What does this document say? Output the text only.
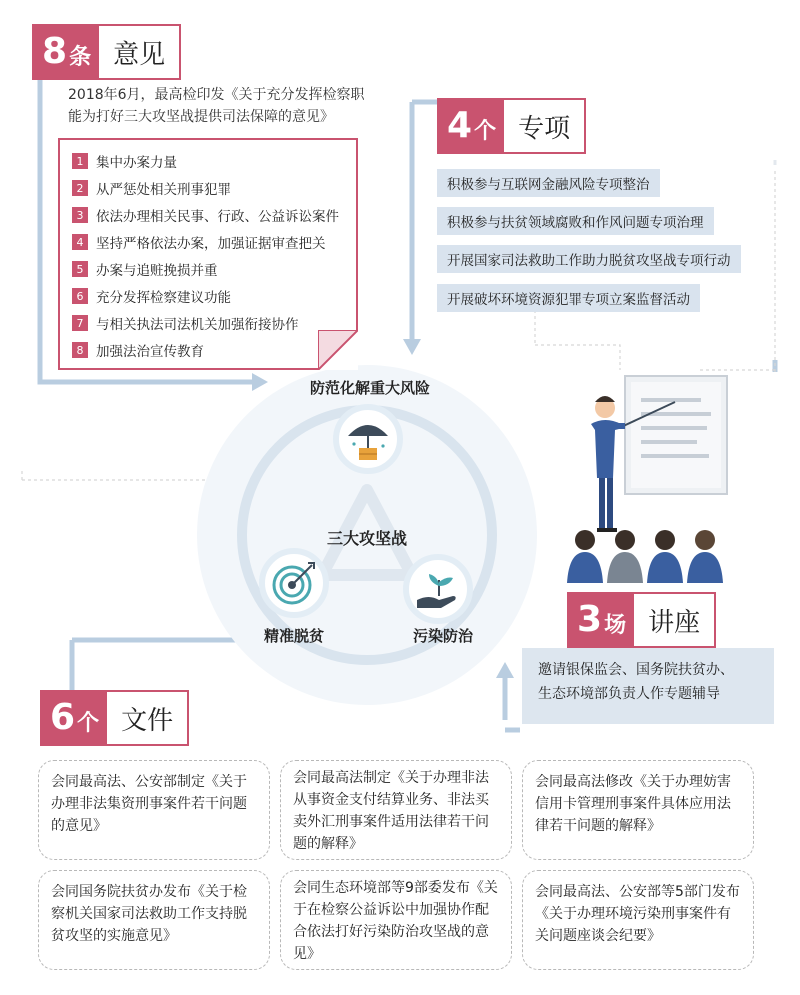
8 条 意见
2018年6月，最高检印发《关于充分发挥检察职能为打好三大攻坚战提供司法保障的意见》
1 集中办案力量
2 从严惩处相关刑事犯罪
3 依法办理相关民事、行政、公益诉讼案件
4 坚持严格依法办案，加强证据审查把关
5 办案与追赃挽损并重
6 充分发挥检察建议功能
7 与相关执法司法机关加强衔接协作
8 加强法治宣传教育
4 个 专项
积极参与互联网金融风险专项整治
积极参与扶贫领域腐败和作风问题专项治理
开展国家司法救助工作助力脱贫攻坚战专项行动
开展破坏环境资源犯罪专项立案监督活动
防范化解重大风险
三大攻坚战
精准脱贫	污染防治	3 场 讲座
邀请银保监会、国务院扶贫办、
生态环境部负责人作专题辅导
6 个 文件
会同最高法、公安部制定《关于办理非法集资刑事案件若干问题的意见》
会同最高法制定《关于办理非法从事资金支付结算业务、非法买卖外汇刑事案件适用法律若干问题的解释》
会同最高法修改《关于办理妨害信用卡管理刑事案件具体应用法律若干问题的解释》
会同国务院扶贫办发布《关于检察机关国家司法救助工作支持脱贫攻坚的实施意见》
会同生态环境部等9部委发布《关于在检察公益诉讼中加强协作配合依法打好污染防治攻坚战的意见》
会同最高法、公安部等5部门发布《关于办理环境污染刑事案件有关问题座谈会纪要》
